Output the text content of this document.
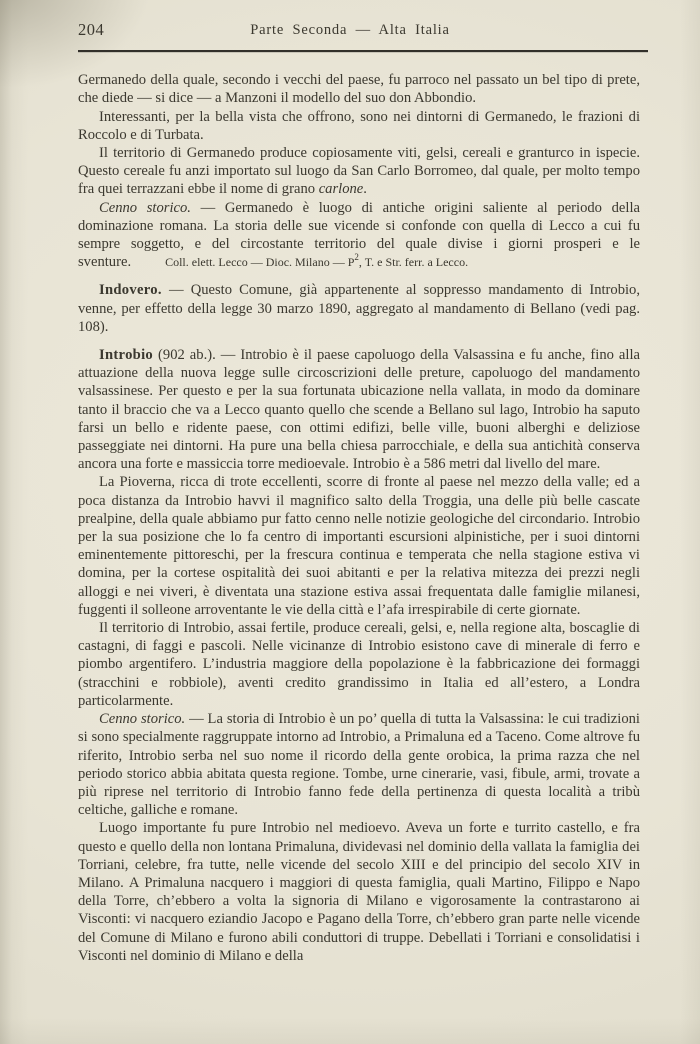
204	Parte Seconda — Alta Italia

Germanedo della quale, secondo i vecchi del paese, fu parroco nel passato un bel tipo di prete, che diede — si dice — a Manzoni il modello del suo don Abbondio.

Interessanti, per la bella vista che offrono, sono nei dintorni di Germanedo, le frazioni di Roccolo e di Turbata.

Il territorio di Germanedo produce copiosamente viti, gelsi, cereali e granturco in ispecie. Questo cereale fu anzi importato sul luogo da San Carlo Borromeo, dal quale, per molto tempo fra quei terrazzani ebbe il nome di grano carlone.

Cenno storico. — Germanedo è luogo di antiche origini saliente al periodo della dominazione romana. La storia delle sue vicende si confonde con quella di Lecco a cui fu sempre soggetto, e del circostante territorio del quale divise i giorni prosperi e le sventure.	Coll. elett. Lecco — Dioc. Milano — $P^2$, T. e Str. ferr. a Lecco.

Indovero. — Questo Comune, già appartenente al soppresso mandamento di Introbio, venne, per effetto della legge 30 marzo 1890, aggregato al mandamento di Bellano (vedi pag. 108).

Introbio (902 ab.). — Introbio è il paese capoluogo della Valsassina e fu anche, fino alla attuazione della nuova legge sulle circoscrizioni delle preture, capoluogo del mandamento valsassinese. Per questo e per la sua fortunata ubicazione nella vallata, in modo da dominare tanto il braccio che va a Lecco quanto quello che scende a Bellano sul lago, Introbio ha saputo farsi un bello e ridente paese, con ottimi edifizi, belle ville, buoni alberghi e deliziose passeggiate nei dintorni. Ha pure una bella chiesa parrocchiale, e della sua antichità conserva ancora una forte e massiccia torre medioevale. Introbio è a 586 metri dal livello del mare.

La Pioverna, ricca di trote eccellenti, scorre di fronte al paese nel mezzo della valle; ed a poca distanza da Introbio havvi il magnifico salto della Troggia, una delle più belle cascate prealpine, della quale abbiamo pur fatto cenno nelle notizie geologiche del circondario. Introbio per la sua posizione che lo fa centro di importanti escursioni alpinistiche, per i suoi dintorni eminentemente pittoreschi, per la frescura continua e temperata che nella stagione estiva vi domina, per la cortese ospitalità dei suoi abitanti e per la relativa mitezza dei prezzi negli alloggi e nei viveri, è diventata una stazione estiva assai frequentata dalle famiglie milanesi, fuggenti il solleone arroventante le vie della città e l’afa irrespirabile di certe giornate.

Il territorio di Introbio, assai fertile, produce cereali, gelsi, e, nella regione alta, boscaglie di castagni, di faggi e pascoli. Nelle vicinanze di Introbio esistono cave di minerale di ferro e piombo argentifero. L’industria maggiore della popolazione è la fabbricazione dei formaggi (stracchini e robbiole), aventi credito grandissimo in Italia ed all’estero, a Londra particolarmente.

Cenno storico. — La storia di Introbio è un po’ quella di tutta la Valsassina: le cui tradizioni si sono specialmente raggruppate intorno ad Introbio, a Primaluna ed a Taceno. Come altrove fu riferito, Introbio serba nel suo nome il ricordo della gente orobica, la prima razza che nel periodo storico abbia abitata questa regione. Tombe, urne cinerarie, vasi, fibule, armi, trovate a più riprese nel territorio di Introbio fanno fede della pertinenza di questa località a tribù celtiche, galliche e romane.

Luogo importante fu pure Introbio nel medioevo. Aveva un forte e turrito castello, e fra questo e quello della non lontana Primaluna, dividevasi nel dominio della vallata la famiglia dei Torriani, celebre, fra tutte, nelle vicende del secolo XIII e del principio del secolo XIV in Milano. A Primaluna nacquero i maggiori di questa famiglia, quali Martino, Filippo e Napo della Torre, ch’ebbero a volta la signoria di Milano e vigorosamente la contrastarono ai Visconti: vi nacquero eziandio Jacopo e Pagano della Torre, ch’ebbero gran parte nelle vicende del Comune di Milano e furono abili conduttori di truppe. Debellati i Torriani e consolidatisi i Visconti nel dominio di Milano e della
